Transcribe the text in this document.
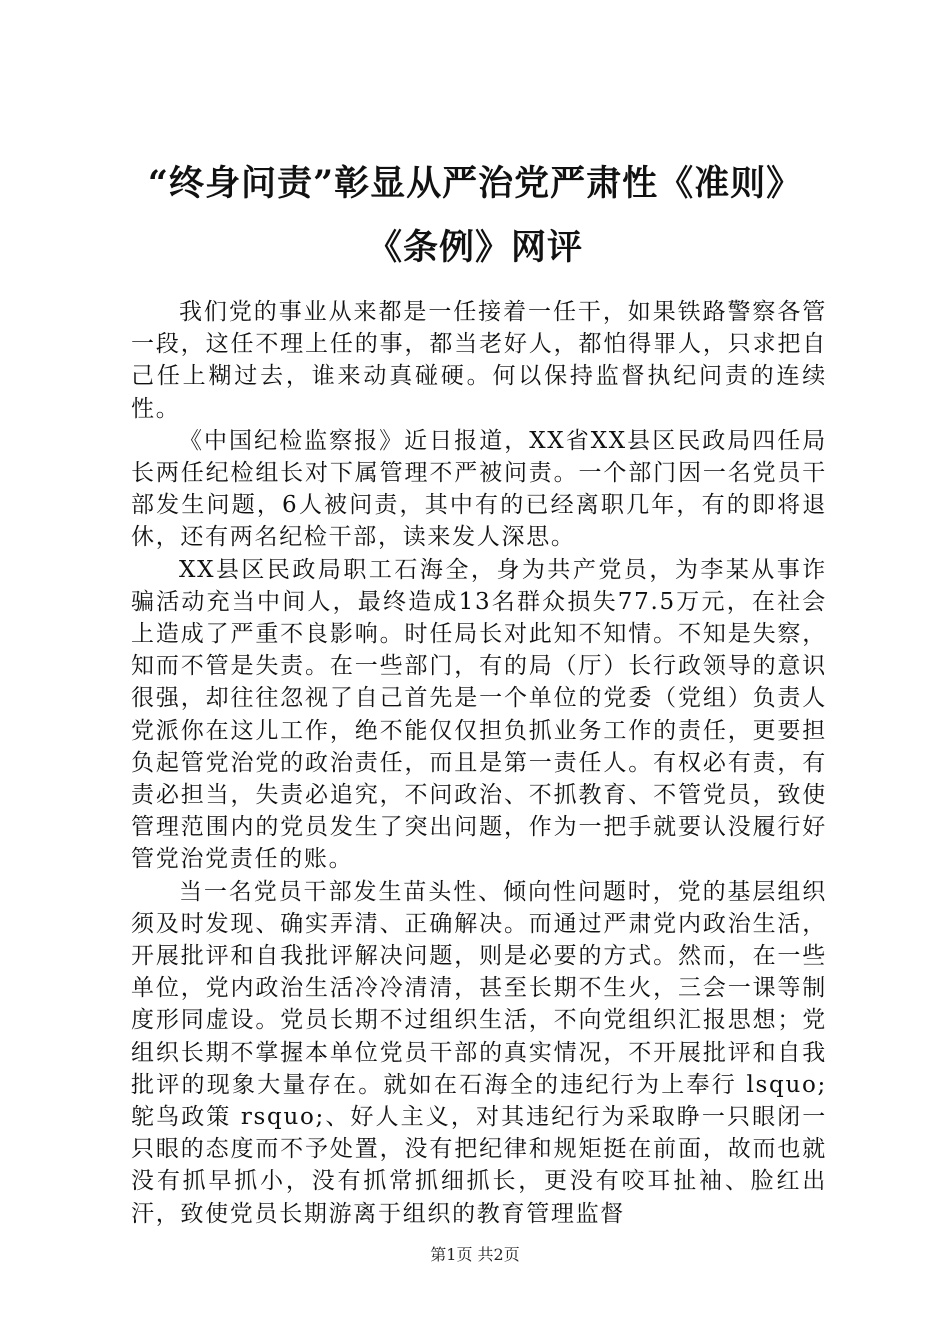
“终身问责”彰显从严治党严肃性《准则》
《条例》网评

我们党的事业从来都是一任接着一任干，如果铁路警察各管一段，这任不理上任的事，都当老好人，都怕得罪人，只求把自己任上糊过去，谁来动真碰硬。何以保持监督执纪问责的连续性。

《中国纪检监察报》近日报道，XX省XX县区民政局四任局长两任纪检组长对下属管理不严被问责。一个部门因一名党员干部发生问题，6人被问责，其中有的已经离职几年，有的即将退休，还有两名纪检干部，读来发人深思。

XX县区民政局职工石海全，身为共产党员，为李某从事诈骗活动充当中间人，最终造成13名群众损失77.5万元，在社会上造成了严重不良影响。时任局长对此知不知情。不知是失察，知而不管是失责。在一些部门，有的局（厅）长行政领导的意识很强，却往往忽视了自己首先是一个单位的党委（党组）负责人党派你在这儿工作，绝不能仅仅担负抓业务工作的责任，更要担负起管党治党的政治责任，而且是第一责任人。有权必有责，有责必担当，失责必追究，不问政治、不抓教育、不管党员，致使管理范围内的党员发生了突出问题，作为一把手就要认没履行好管党治党责任的账。

当一名党员干部发生苗头性、倾向性问题时，党的基层组织须及时发现、确实弄清、正确解决。而通过严肃党内政治生活，开展批评和自我批评解决问题，则是必要的方式。然而，在一些单位，党内政治生活冷冷清清，甚至长期不生火，三会一课等制度形同虚设。党员长期不过组织生活，不向党组织汇报思想；党组织长期不掌握本单位党员干部的真实情况，不开展批评和自我批评的现象大量存在。就如在石海全的违纪行为上奉行 lsquo;鸵鸟政策 rsquo;、好人主义，对其违纪行为采取睁一只眼闭一只眼的态度而不予处置，没有把纪律和规矩挺在前面，故而也就没有抓早抓小，没有抓常抓细抓长，更没有咬耳扯袖、脸红出汗，致使党员长期游离于组织的教育管理监督

第1页 共2页
